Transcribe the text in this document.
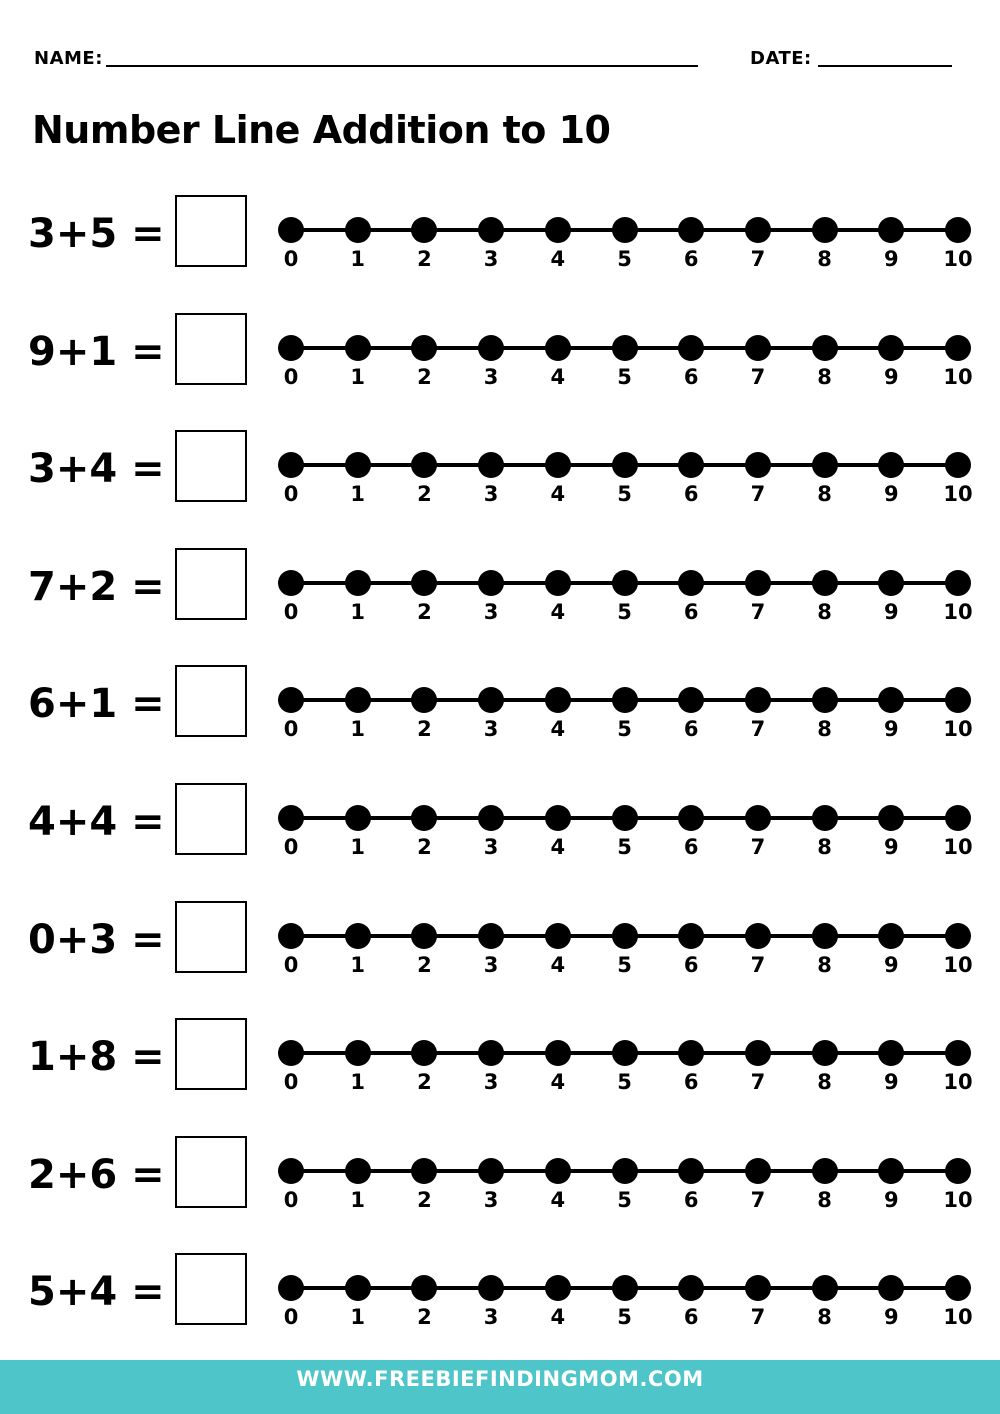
NAME:	DATE:
Number Line Addition to 10
3+5 =
0	1	2	3	4	5	6	7	8	9	10
9+1 =
0	1	2	3	4	5	6	7	8	9	10
3+4 =
0	1	2	3	4	5	6	7	8	9	10
7+2 =
0	1	2	3	4	5	6	7	8	9	10
6+1 =
0	1	2	3	4	5	6	7	8	9	10
4+4 =
0	1	2	3	4	5	6	7	8	9	10
0+3 =
0	1	2	3	4	5	6	7	8	9	10
1+8 =
0	1	2	3	4	5	6	7	8	9	10
2+6 =
0	1	2	3	4	5	6	7	8	9	10
5+4 =
0	1	2	3	4	5	6	7	8	9	10
WWW.FREEBIEFINDINGMOM.COM
